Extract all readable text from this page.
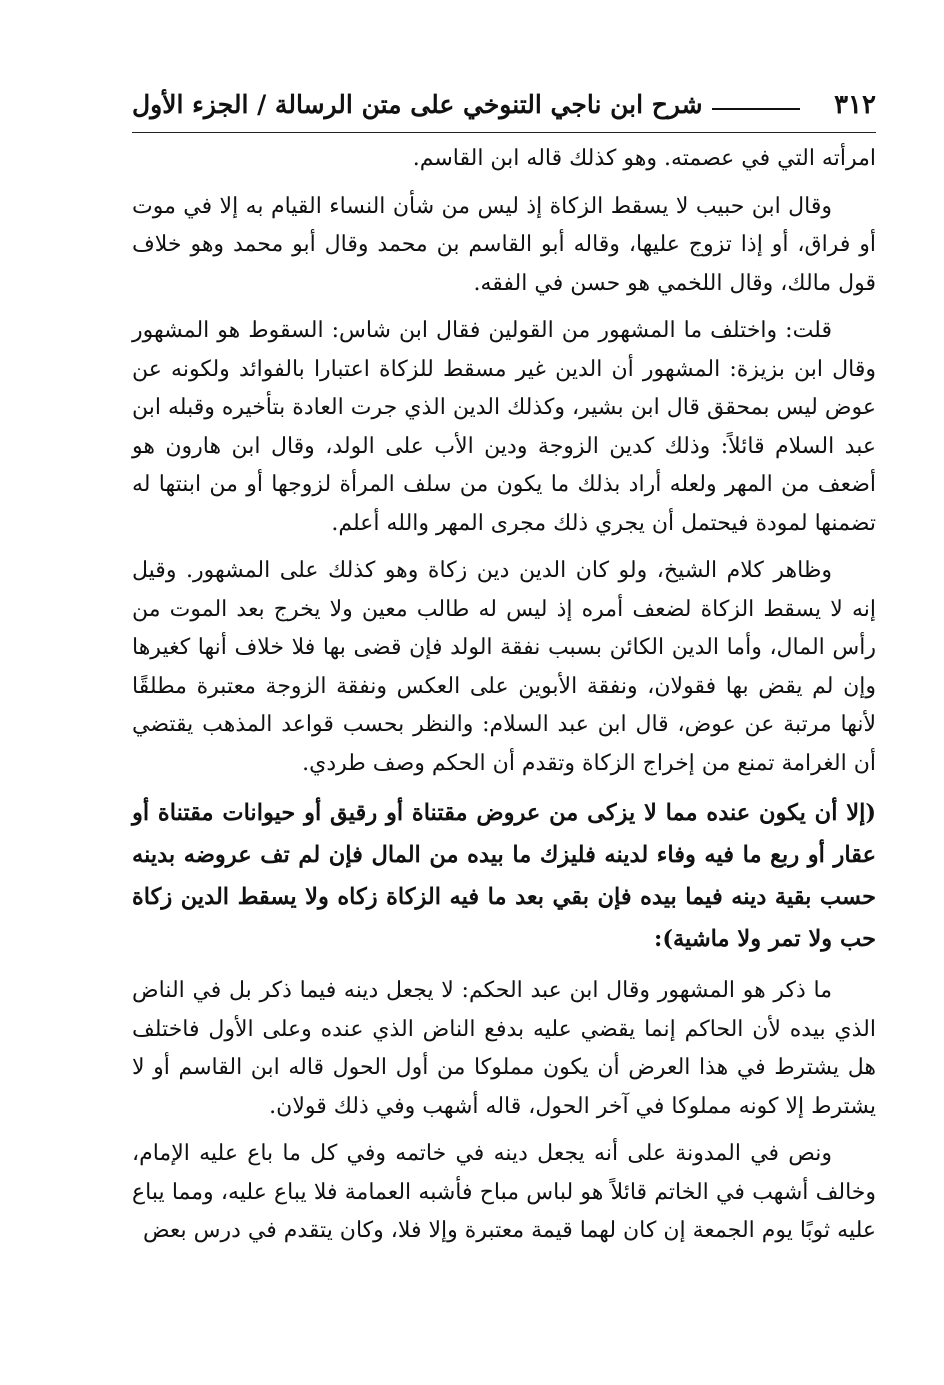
٣١٢
شرح ابن ناجي التنوخي على متن الرسالة / الجزء الأول

امرأته التي في عصمته. وهو كذلك قاله ابن القاسم.

وقال ابن حبيب لا يسقط الزكاة إذ ليس من شأن النساء القيام به إلا في موت أو فراق، أو إذا تزوج عليها، وقاله أبو القاسم بن محمد وقال أبو محمد وهو خلاف قول مالك، وقال اللخمي هو حسن في الفقه.

قلت: واختلف ما المشهور من القولين فقال ابن شاس: السقوط هو المشهور وقال ابن بزيزة: المشهور أن الدين غير مسقط للزكاة اعتبارا بالفوائد ولكونه عن عوض ليس بمحقق قال ابن بشير، وكذلك الدين الذي جرت العادة بتأخيره وقبله ابن عبد السلام قائلاً: وذلك كدين الزوجة ودين الأب على الولد، وقال ابن هارون هو أضعف من المهر ولعله أراد بذلك ما يكون من سلف المرأة لزوجها أو من ابنتها له تضمنها لمودة فيحتمل أن يجري ذلك مجرى المهر والله أعلم.

وظاهر كلام الشيخ، ولو كان الدين دين زكاة وهو كذلك على المشهور. وقيل إنه لا يسقط الزكاة لضعف أمره إذ ليس له طالب معين ولا يخرج بعد الموت من رأس المال، وأما الدين الكائن بسبب نفقة الولد فإن قضى بها فلا خلاف أنها كغيرها وإن لم يقض بها فقولان، ونفقة الأبوين على العكس ونفقة الزوجة معتبرة مطلقًا لأنها مرتبة عن عوض، قال ابن عبد السلام: والنظر بحسب قواعد المذهب يقتضي أن الغرامة تمنع من إخراج الزكاة وتقدم أن الحكم وصف طردي.

(إلا أن يكون عنده مما لا يزكى من عروض مقتناة أو رقيق أو حيوانات مقتناة أو عقار أو ربع ما فيه وفاء لدينه فليزك ما بيده من المال فإن لم تف عروضه بدينه حسب بقية دينه فيما بيده فإن بقي بعد ما فيه الزكاة زكاه ولا يسقط الدين زكاة حب ولا تمر ولا ماشية):

ما ذكر هو المشهور وقال ابن عبد الحكم: لا يجعل دينه فيما ذكر بل في الناض الذي بيده لأن الحاكم إنما يقضي عليه بدفع الناض الذي عنده وعلى الأول فاختلف هل يشترط في هذا العرض أن يكون مملوكا من أول الحول قاله ابن القاسم أو لا يشترط إلا كونه مملوكا في آخر الحول، قاله أشهب وفي ذلك قولان.

ونص في المدونة على أنه يجعل دينه في خاتمه وفي كل ما باع عليه الإمام، وخالف أشهب في الخاتم قائلاً هو لباس مباح فأشبه العمامة فلا يباع عليه، ومما يباع عليه ثوبًا يوم الجمعة إن كان لهما قيمة معتبرة وإلا فلا، وكان يتقدم في درس بعض
